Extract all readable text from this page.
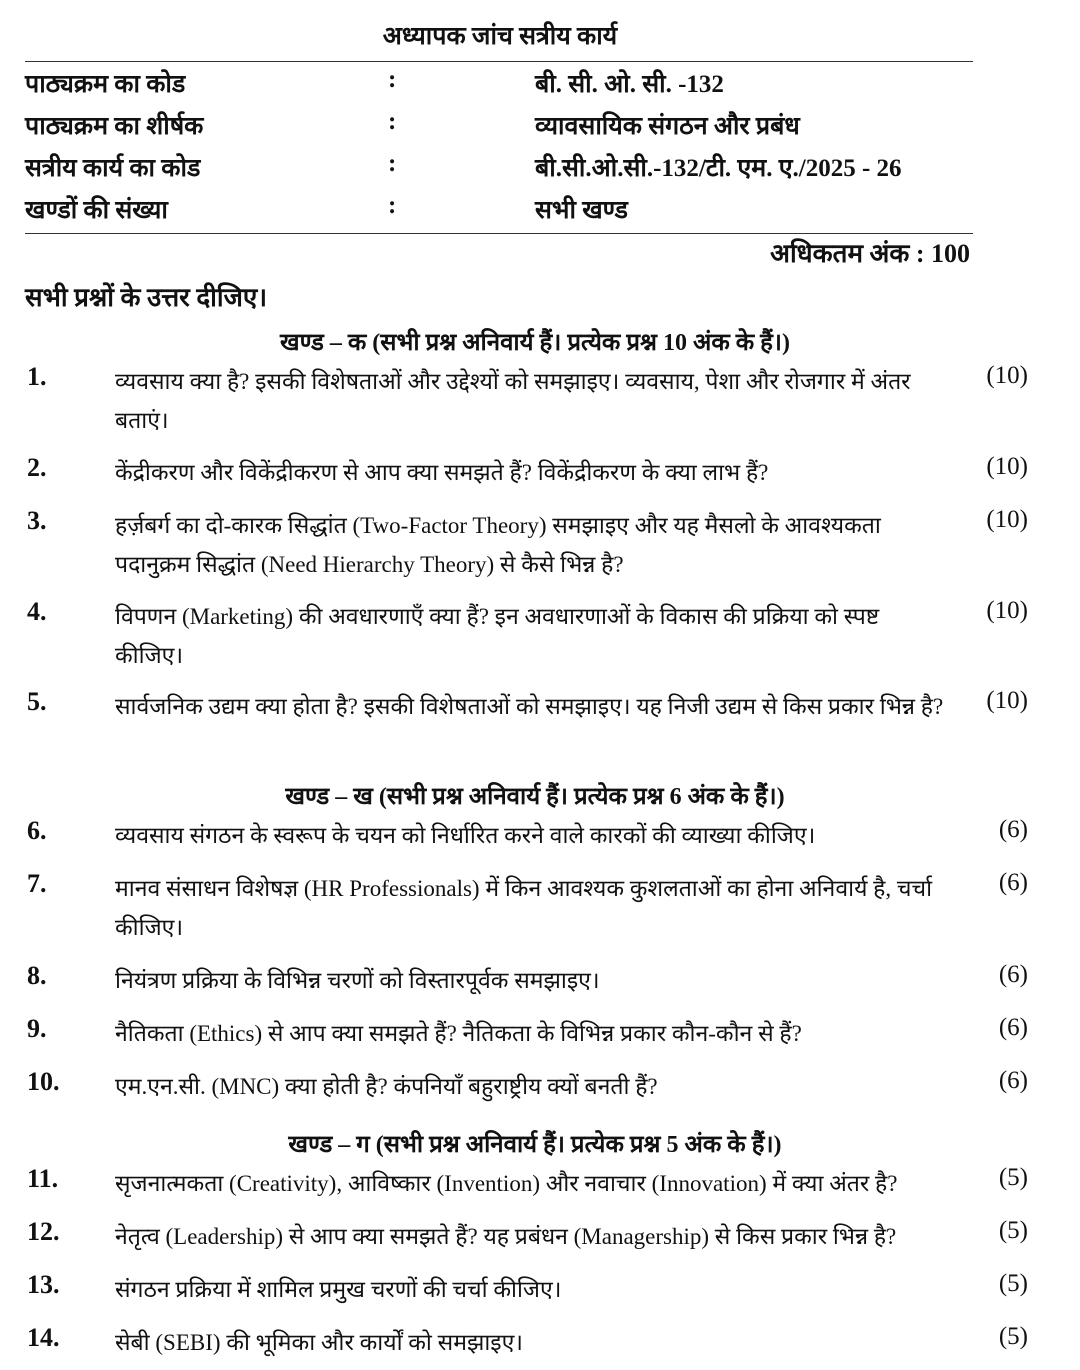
अध्यापक जांच सत्रीय कार्य
पाठ्यक्रम का कोड	:	बी. सी. ओ. सी. -132
पाठ्यक्रम का शीर्षक	:	व्यावसायिक संगठन और प्रबंध
सत्रीय कार्य का कोड	:	बी.सी.ओ.सी.-132/टी. एम. ए./2025 - 26
खण्डों की संख्या	:	सभी खण्ड
अधिकतम अंक : 100
सभी प्रश्नों के उत्तर दीजिए।
खण्ड – क (सभी प्रश्न अनिवार्य हैं। प्रत्येक प्रश्न 10 अंक के हैं।)
1.	व्यवसाय क्या है? इसकी विशेषताओं और उद्देश्यों को समझाइए। व्यवसाय, पेशा और रोजगार में अंतर बताएं।
(10)
2.	केंद्रीकरण और विकेंद्रीकरण से आप क्या समझते हैं? विकेंद्रीकरण के क्या लाभ हैं?	(10)
3.	हर्ज़बर्ग का दो-कारक सिद्धांत (Two-Factor Theory) समझाइए और यह मैसलो के आवश्यकता पदानुक्रम सिद्धांत (Need Hierarchy Theory) से कैसे भिन्न है?
(10)
4.	विपणन (Marketing) की अवधारणाएँ क्या हैं? इन अवधारणाओं के विकास की प्रक्रिया को स्पष्ट कीजिए।
(10)
5.	सार्वजनिक उद्यम क्या होता है? इसकी विशेषताओं को समझाइए। यह निजी उद्यम से किस प्रकार भिन्न है? (10)
खण्ड – ख (सभी प्रश्न अनिवार्य हैं। प्रत्येक प्रश्न 6 अंक के हैं।)
6.	व्यवसाय संगठन के स्वरूप के चयन को निर्धारित करने वाले कारकों की व्याख्या कीजिए।	(6)
7.	मानव संसाधन विशेषज्ञ (HR Professionals) में किन आवश्यक कुशलताओं का होना अनिवार्य है, चर्चा कीजिए।
(6)
8.	नियंत्रण प्रक्रिया के विभिन्न चरणों को विस्तारपूर्वक समझाइए।	(6)
9.	नैतिकता (Ethics) से आप क्या समझते हैं? नैतिकता के विभिन्न प्रकार कौन-कौन से हैं?	(6)
10. एम.एन.सी. (MNC) क्या होती है? कंपनियाँ बहुराष्ट्रीय क्यों बनती हैं?	(6)
खण्ड – ग (सभी प्रश्न अनिवार्य हैं। प्रत्येक प्रश्न 5 अंक के हैं।)
11. सृजनात्मकता (Creativity), आविष्कार (Invention) और नवाचार (Innovation) में क्या अंतर है?	(5)
12. नेतृत्व (Leadership) से आप क्या समझते हैं? यह प्रबंधन (Managership) से किस प्रकार भिन्न है?	(5)
13. संगठन प्रक्रिया में शामिल प्रमुख चरणों की चर्चा कीजिए।	(5)
14. सेबी (SEBI) की भूमिका और कार्यों को समझाइए।	(5)
